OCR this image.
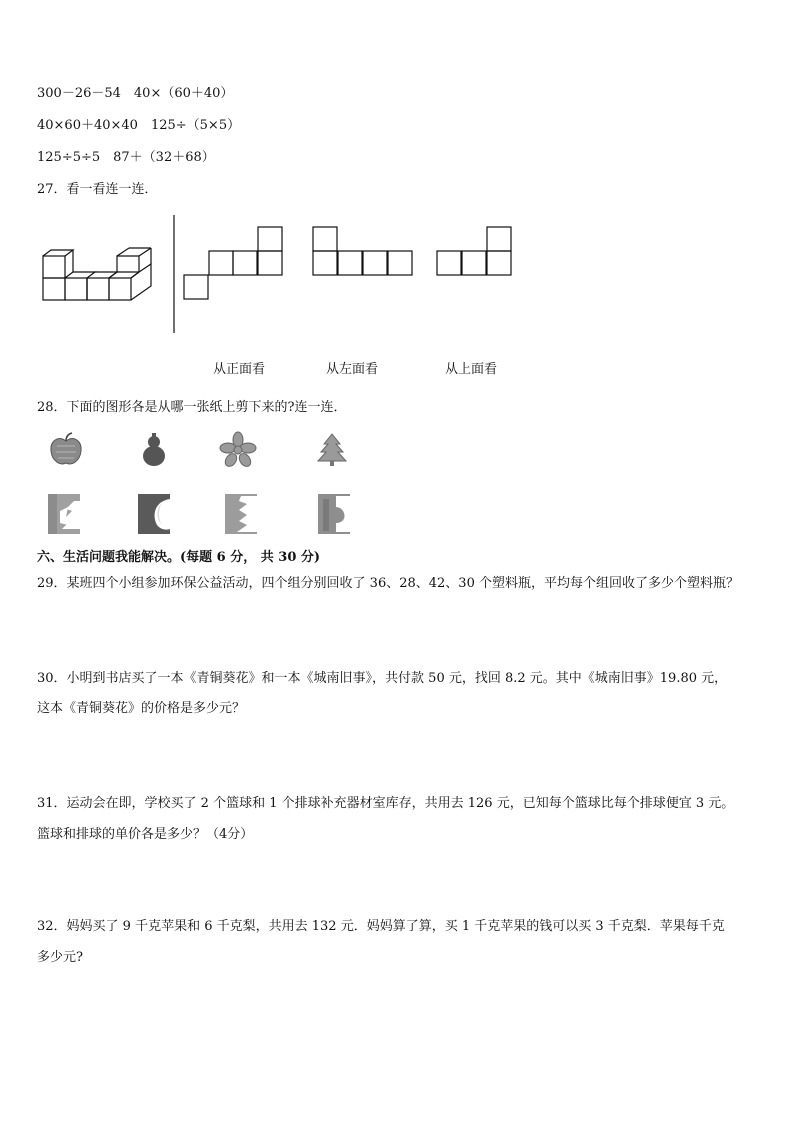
300－26－54　40×（60＋40）
40×60＋40×40　125÷（5×5）
125÷5÷5　87＋（32＋68）
27．看一看连一连．
从正面看	从左面看	从上面看
28．下面的图形各是从哪一张纸上剪下来的?连一连．
六、生活问题我能解决。(每题 6 分， 共 30 分)
29．某班四个小组参加环保公益活动，四个组分别回收了 36、28、42、30 个塑料瓶，平均每个组回收了多少个塑料瓶？
30．小明到书店买了一本《青铜葵花》和一本《城南旧事》，共付款 50 元，找回 8.2 元。其中《城南旧事》19.80 元，
这本《青铜葵花》的价格是多少元？
31．运动会在即，学校买了 2 个篮球和 1 个排球补充器材室库存，共用去 126 元，已知每个篮球比每个排球便宜 3 元。
篮球和排球的单价各是多少？（4分）
32．妈妈买了 9 千克苹果和 6 千克梨，共用去 132 元．妈妈算了算，买 1 千克苹果的钱可以买 3 千克梨．苹果每千克
多少元?
